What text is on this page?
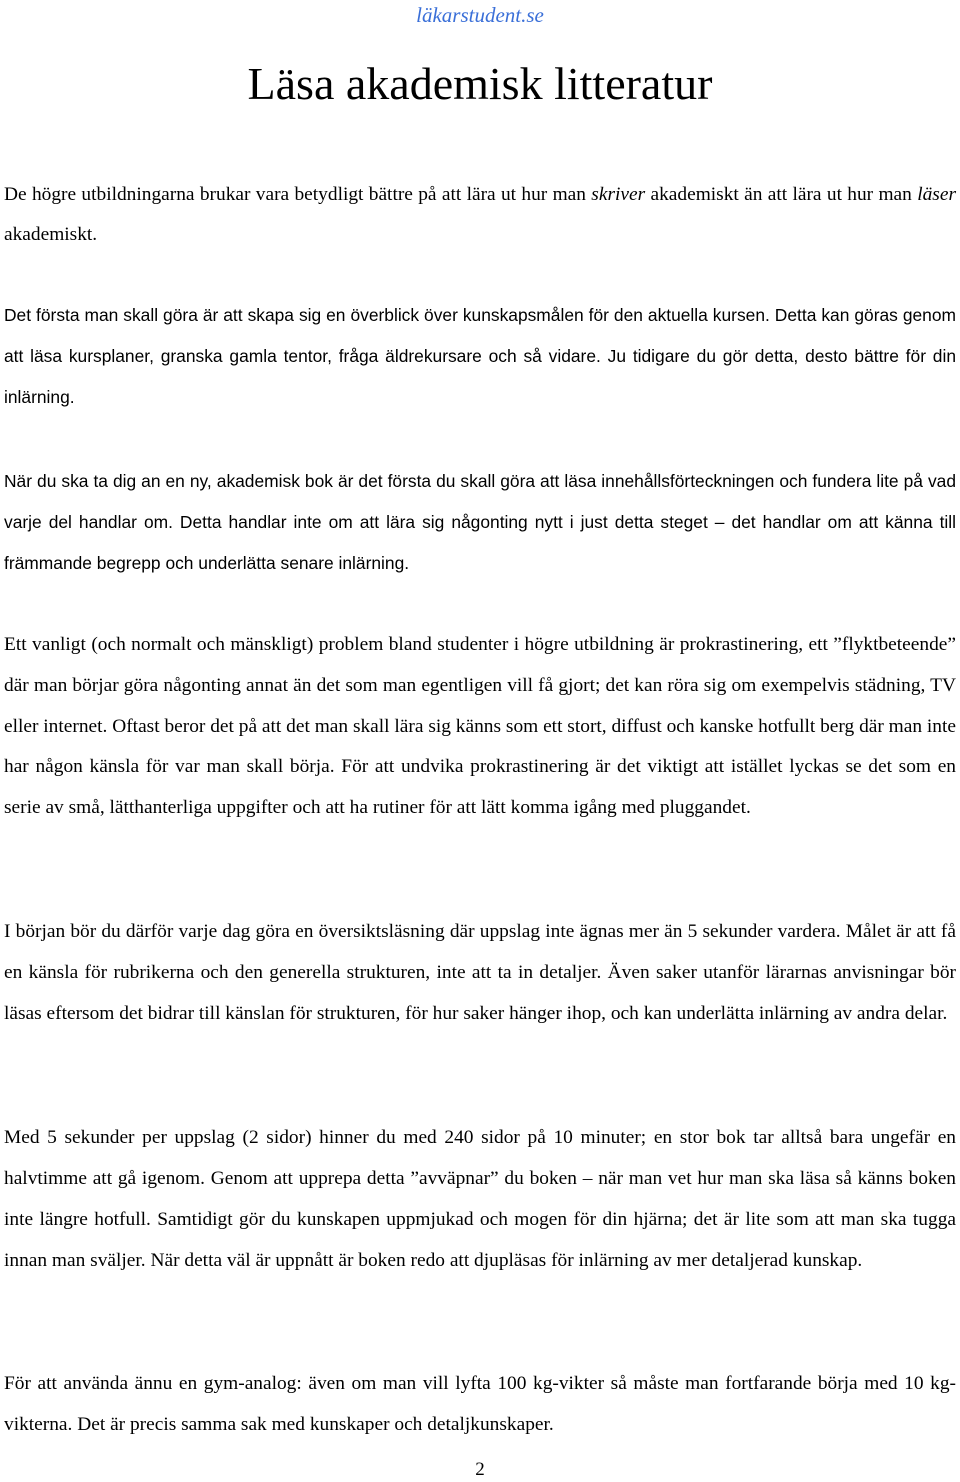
läkarstudent.se
Läsa akademisk litteratur

De högre utbildningarna brukar vara betydligt bättre på att lära ut hur man skriver akademiskt än att lära ut hur man läser akademiskt.

Det första man skall göra är att skapa sig en överblick över kunskapsmålen för den aktuella kursen. Detta kan göras genom att läsa kursplaner, granska gamla tentor, fråga äldrekursare och så vidare. Ju tidigare du gör detta, desto bättre för din inlärning.

När du ska ta dig an en ny, akademisk bok är det första du skall göra att läsa innehållsförteckningen och fundera lite på vad varje del handlar om. Detta handlar inte om att lära sig någonting nytt i just detta steget – det handlar om att känna till främmande begrepp och underlätta senare inlärning.

Ett vanligt (och normalt och mänskligt) problem bland studenter i högre utbildning är prokrastinering, ett ”flyktbeteende” där man börjar göra någonting annat än det som man egentligen vill få gjort; det kan röra sig om exempelvis städning, TV eller internet. Oftast beror det på att det man skall lära sig känns som ett stort, diffust och kanske hotfullt berg där man inte har någon känsla för var man skall börja. För att undvika prokrastinering är det viktigt att istället lyckas se det som en serie av små, lätthanterliga uppgifter och att ha rutiner för att lätt komma igång med pluggandet.

I början bör du därför varje dag göra en översiktsläsning där uppslag inte ägnas mer än 5 sekunder vardera. Målet är att få en känsla för rubrikerna och den generella strukturen, inte att ta in detaljer. Även saker utanför lärarnas anvisningar bör läsas eftersom det bidrar till känslan för strukturen, för hur saker hänger ihop, och kan underlätta inlärning av andra delar.

Med 5 sekunder per uppslag (2 sidor) hinner du med 240 sidor på 10 minuter; en stor bok tar alltså bara ungefär en halvtimme att gå igenom. Genom att upprepa detta ”avväpnar” du boken – när man vet hur man ska läsa så känns boken inte längre hotfull. Samtidigt gör du kunskapen uppmjukad och mogen för din hjärna; det är lite som att man ska tugga innan man sväljer. När detta väl är uppnått är boken redo att djupläsas för inlärning av mer detaljerad kunskap.

För att använda ännu en gym-analog: även om man vill lyfta 100 kg-vikter så måste man fortfarande börja med 10 kg-vikterna. Det är precis samma sak med kunskaper och detaljkunskaper.

2
